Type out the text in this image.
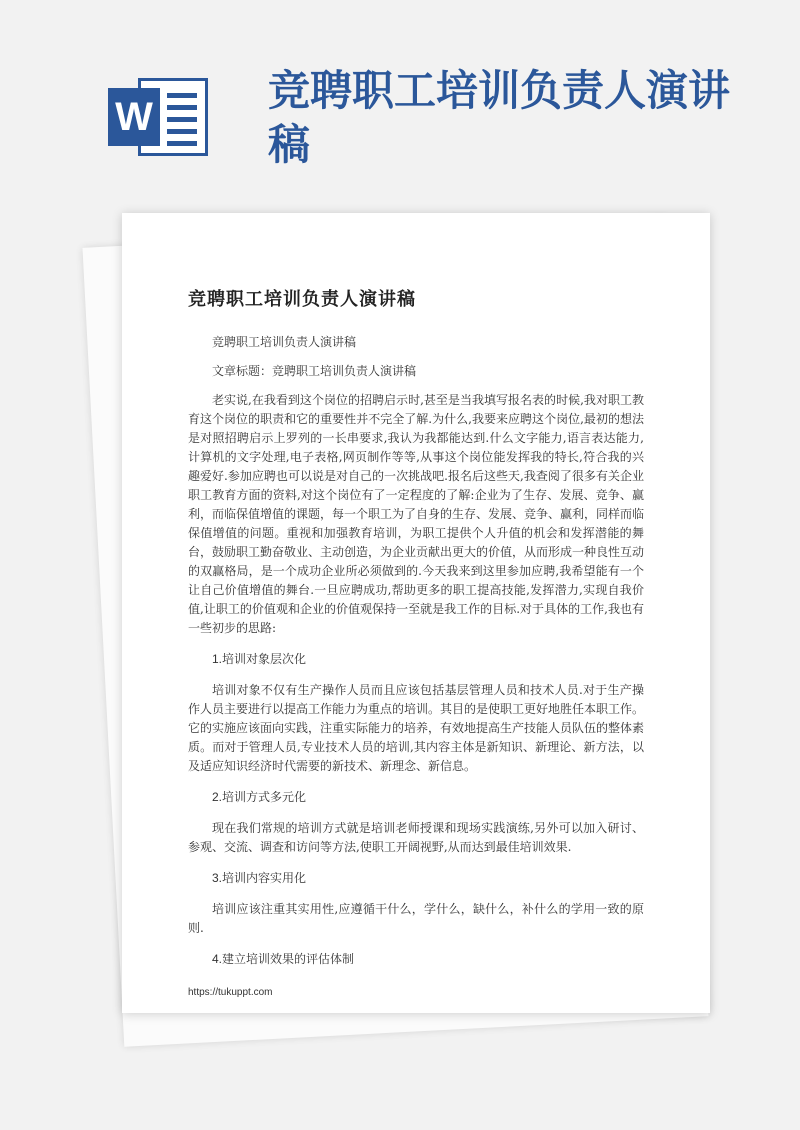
W
竞聘职工培训负责人演讲稿
竞聘职工培训负责人演讲稿

竞聘职工培训负责人演讲稿

文章标题：竞聘职工培训负责人演讲稿

老实说,在我看到这个岗位的招聘启示时,甚至是当我填写报名表的时候,我对职工教育这个岗位的职责和它的重要性并不完全了解.为什么,我要来应聘这个岗位,最初的想法是对照招聘启示上罗列的一长串要求,我认为我都能达到.什么文字能力,语言表达能力,计算机的文字处理,电子表格,网页制作等等,从事这个岗位能发挥我的特长,符合我的兴趣爱好.参加应聘也可以说是对自己的一次挑战吧.报名后这些天,我查阅了很多有关企业职工教育方面的资料,对这个岗位有了一定程度的了解:企业为了生存、发展、竞争、赢利，而临保值增值的课题，每一个职工为了自身的生存、发展、竞争、赢利，同样而临保值增值的问题。重视和加强教育培训，为职工提供个人升值的机会和发挥潜能的舞台，鼓励职工勤奋敬业、主动创造，为企业贡献出更大的价值，从而形成一种良性互动的双赢格局，是一个成功企业所必须做到的.今天我来到这里参加应聘,我希望能有一个让自己价值增值的舞台.一旦应聘成功,帮助更多的职工提高技能,发挥潜力,实现自我价值,让职工的价值观和企业的价值观保持一至就是我工作的目标.对于具体的工作,我也有一些初步的思路:

1.培训对象层次化

培训对象不仅有生产操作人员而且应该包括基层管理人员和技术人员.对于生产操作人员主要进行以提高工作能力为重点的培训。其目的是使职工更好地胜任本职工作。它的实施应该面向实践，注重实际能力的培养，有效地提高生产技能人员队伍的整体素质。而对于管理人员,专业技术人员的培训,其内容主体是新知识、新理论、新方法，以及适应知识经济时代需要的新技术、新理念、新信息。

2.培训方式多元化

现在我们常规的培训方式就是培训老师授课和现场实践演练,另外可以加入研讨、参观、交流、调查和访问等方法,使职工开阔视野,从而达到最佳培训效果.

3.培训内容实用化

培训应该注重其实用性,应遵循干什么，学什么，缺什么，补什么的学用一致的原则.

4.建立培训效果的评估体制
https://tukuppt.com
